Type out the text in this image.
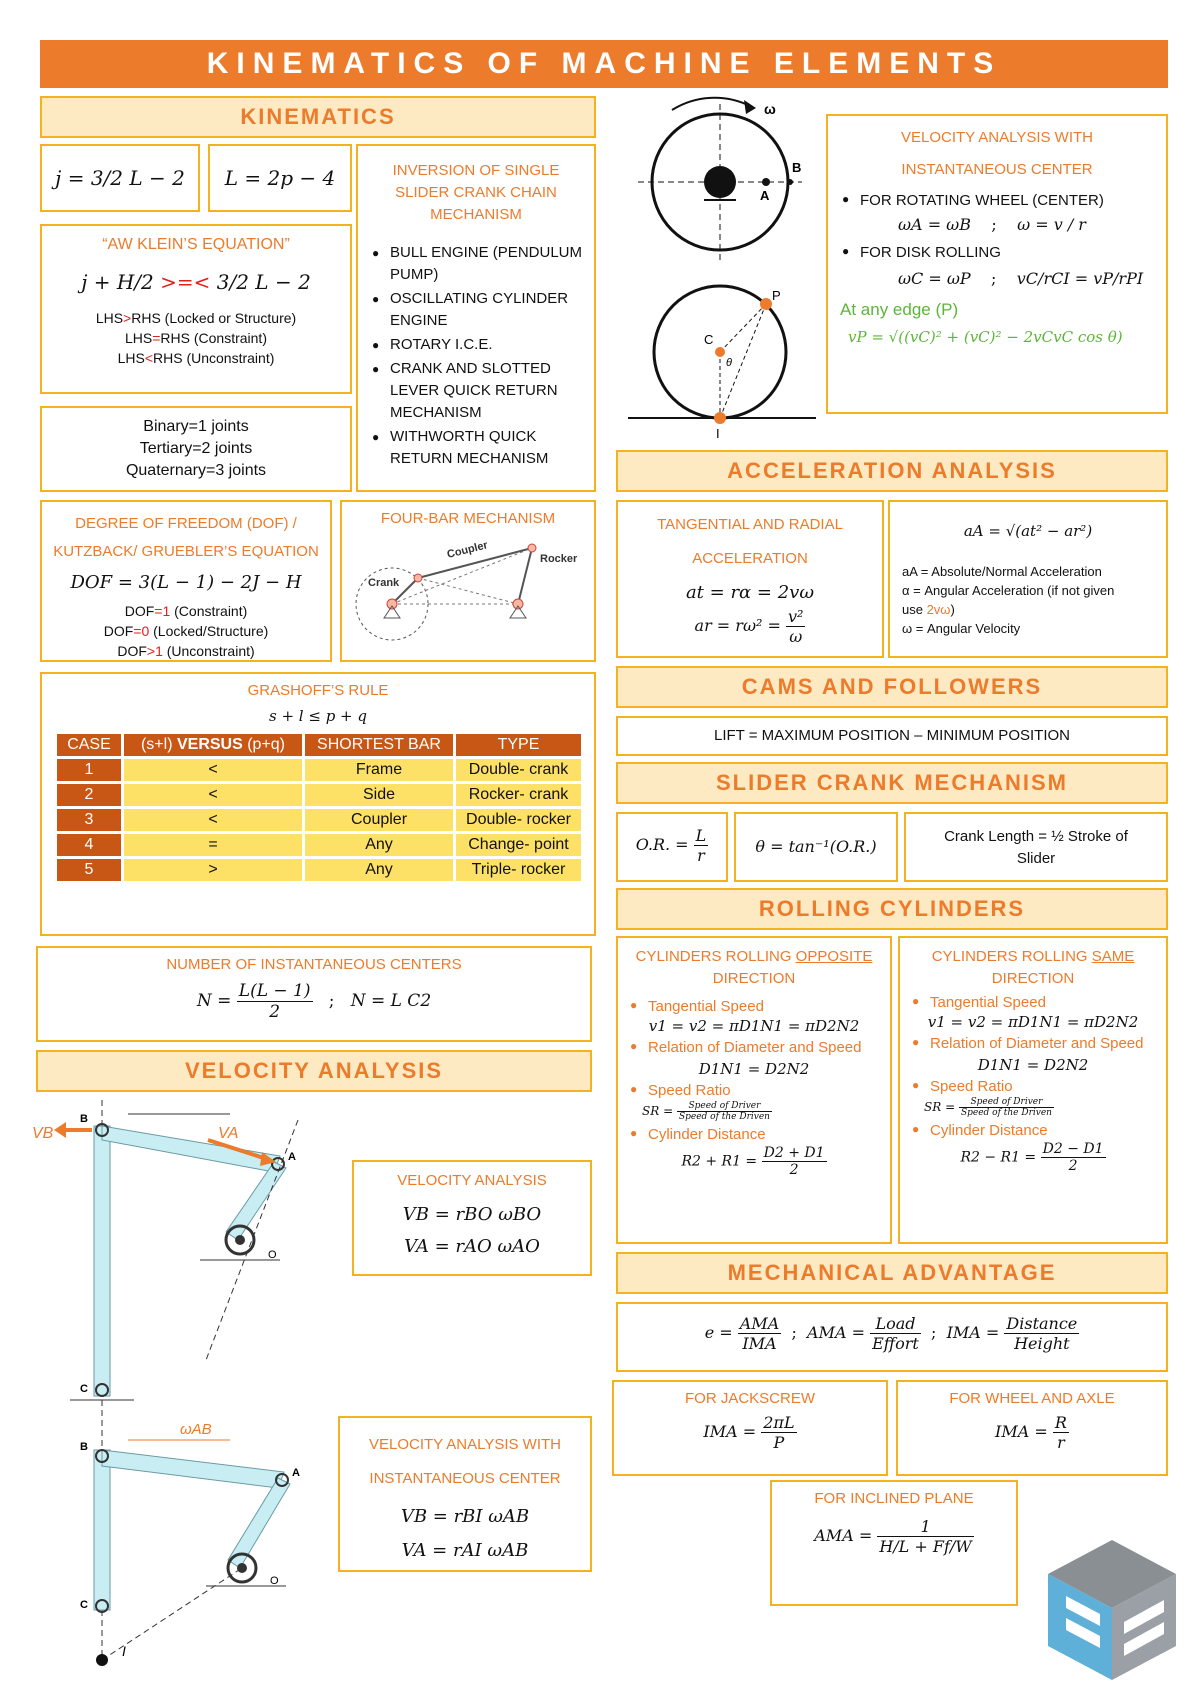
KINEMATICS OF MACHINE ELEMENTS
KINEMATICS
j = 3/2 L − 2	L = 2p − 4
“AW KLEIN’S EQUATION”
j + H/2 >=< 3/2 L − 2
LHS>RHS (Locked or Structure)
LHS=RHS (Constraint)
LHS<RHS (Unconstraint)
Binary=1 joints
Tertiary=2 joints
Quaternary=3 joints
INVERSION OF SINGLE SLIDER CRANK CHAIN MECHANISM
● BULL ENGINE (PENDULUM PUMP)
● OSCILLATING CYLINDER ENGINE
● ROTARY I.C.E.
● CRANK AND SLOTTED LEVER QUICK RETURN MECHANISM
● WITHWORTH QUICK RETURN MECHANISM
DEGREE OF FREEDOM (DOF) /
KUTZBACK/ GRUEBLER’S EQUATION
DOF = 3(L − 1) − 2J − H
DOF=1 (Constraint)
DOF=0 (Locked/Structure)
DOF>1 (Unconstraint)
FOUR-BAR MECHANISM
Coupler	Rocker
Crank
GRASHOFF’S RULE
s + l ≤ p + q
CASE	(s+l) VERSUS (p+q)	SHORTEST BAR	TYPE
1	<	Frame	Double- crank
2	<	Side	Rocker- crank
3	<	Coupler	Double- rocker
4	=	Any	Change- point
5	>	Any	Triple- rocker
NUMBER OF INSTANTANEOUS CENTERS
$N = \frac{L(L - 1)}{2}$ ; N = L C2
VELOCITY ANALYSIS
VB	VA
B
A
C
O
ωAB
B
A
C
O
I
VELOCITY ANALYSIS
VB = rBO ωBO
VA = rAO ωAO
VELOCITY ANALYSIS WITH
INSTANTANEOUS CENTER
VB = rBI ωAB
VA = rAI ωAB
ω
B
A
P
C
θ
I
VELOCITY ANALYSIS WITH
INSTANTANEOUS CENTER
● FOR ROTATING WHEEL (CENTER)
ωA = ωB ; ω = v / r
● FOR DISK ROLLING
ωC = ωP ; vC/rCI = vP/rPI
At any edge (P)
vP = √((vC)² + (vC)² − 2vCvC cos θ)
ACCELERATION ANALYSIS
TANGENTIAL AND RADIAL
ACCELERATION
at = rα = 2vω
ar = $r\omega^2 = \frac{\text{v²}}{\omega}$
aA = √(at² − ar²)
aA = Absolute/Normal Acceleration
α = Angular Acceleration (if not given
use 2vω)
ω = Angular Velocity
CAMS AND FOLLOWERS
LIFT = MAXIMUM POSITION – MINIMUM POSITION
SLIDER CRANK MECHANISM
O.R. = $\frac{L}{r}$	θ = tan⁻¹(O.R.)
Crank Length = ½ Stroke of Slider
ROLLING CYLINDERS
CYLINDERS ROLLING OPPOSITE
DIRECTION
● Tangential Speed
v1 = v2 = πD1N1 = πD2N2
● Relation of Diameter and Speed
D1N1 = D2N2
● Speed Ratio
SR = $\frac{\text{Speed of Driver}}{\text{Speed of the Driven}}$
● Cylinder Distance
$R2 + R1 = \frac{D2 + D1}{2}$
CYLINDERS ROLLING SAME
DIRECTION
● Tangential Speed
v1 = v2 = πD1N1 = πD2N2
● Relation of Diameter and Speed
D1N1 = D2N2
● Speed Ratio
SR = $\frac{\text{Speed of Driver}}{\text{Speed of the Driven}}$
● Cylinder Distance
$R2 - R1 = \frac{D2 - D1}{2}$
MECHANICAL ADVANTAGE
$e = \frac{\text{AMA}}{\text{IMA}}$ ; AMA = $\frac{\text{Load}}{\text{Effort}}$ ; IMA = $\frac{\text{Distance}}{\text{Height}}$
FOR JACKSCREW
IMA = $\frac{2\pi L}{P}$
FOR WHEEL AND AXLE
IMA = $\frac{R}{r}$
FOR INCLINED PLANE
AMA = $\frac{1}{H/L + Ff/W}$
